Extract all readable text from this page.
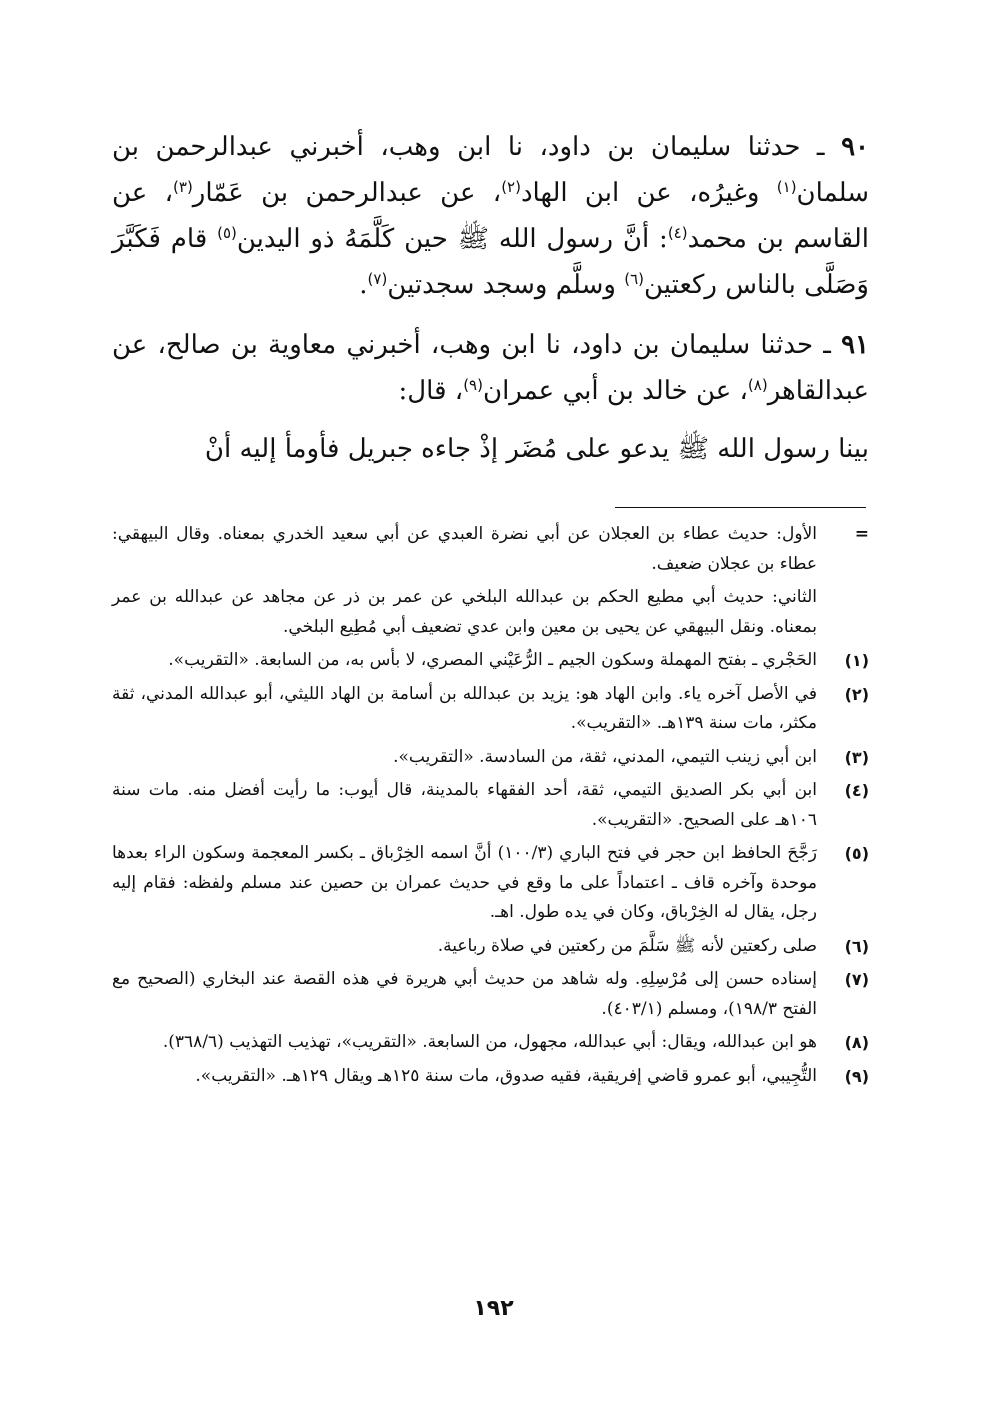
٩٠ ـ حدثنا سليمان بن داود، نا ابن وهب، أخبرني عبدالرحمن بن سلمان$^{(١)}$ وغيرُه، عن ابن الهاد$^{(٢)}$، عن عبدالرحمن بن عَمّار$^{(٣)}$، عن القاسم بن محمد$^{(٤)}$: أنَّ رسول الله ﷺ حين كَلَّمَهُ ذو اليدين$^{(٥)}$ قام فَكَبَّرَ وَصَلَّى بالناس ركعتين$^{(٦)}$ وسلَّم وسجد سجدتين$^{(٧)}$.
٩١ ـ حدثنا سليمان بن داود، نا ابن وهب، أخبرني معاوية بن صالح، عن عبدالقاهر$^{(٨)}$، عن خالد بن أبي عمران$^{(٩)}$، قال:
بينا رسول الله ﷺ يدعو على مُضَر إذْ جاءه جبريل فأومأ إليه أنْ
=
الأول: حديث عطاء بن العجلان عن أبي نضرة العبدي عن أبي سعيد الخدري بمعناه. وقال البيهقي: عطاء بن عجلان ضعيف.
الثاني: حديث أبي مطيع الحكم بن عبدالله البلخي عن عمر بن ذر عن مجاهد عن عبدالله بن عمر بمعناه. ونقل البيهقي عن يحيى بن معين وابن عدي تضعيف أبي مُطِيع البلخي.
(١)
الحَجْري ـ بفتح المهملة وسكون الجيم ـ الرُّعَيْني المصري، لا بأس به، من السابعة. «التقريب».
(٢)
في الأصل آخره ياء. وابن الهاد هو: يزيد بن عبدالله بن أسامة بن الهاد الليثي، أبو عبدالله المدني، ثقة مكثر، مات سنة ١٣٩هـ. «التقريب».
(٣)
ابن أبي زينب التيمي، المدني، ثقة، من السادسة. «التقريب».
(٤)
ابن أبي بكر الصديق التيمي، ثقة، أحد الفقهاء بالمدينة، قال أيوب: ما رأيت أفضل منه. مات سنة ١٠٦هـ على الصحيح. «التقريب».
(٥)
رَجَّحَ الحافظ ابن حجر في فتح الباري (١٠٠/٣) أنَّ اسمه الخِرْباق ـ بكسر المعجمة وسكون الراء بعدها موحدة وآخره قاف ـ اعتماداً على ما وقع في حديث عمران بن حصين عند مسلم ولفظه: فقام إليه رجل، يقال له الخِرْباق، وكان في يده طول. اهـ.
(٦)
صلى ركعتين لأنه ﷺ سَلَّمَ من ركعتين في صلاة رباعية.
(٧)
إسناده حسن إلى مُرْسِلِهِ. وله شاهد من حديث أبي هريرة في هذه القصة عند البخاري (الصحيح مع الفتح ١٩٨/٣)، ومسلم (٤٠٣/١).
(٨)
هو ابن عبدالله، ويقال: أبي عبدالله، مجهول، من السابعة. «التقريب»، تهذيب التهذيب (٣٦٨/٦).
(٩)
التُّجِيبي، أبو عمرو قاضي إفريقية، فقيه صدوق، مات سنة ١٢٥هـ ويقال ١٢٩هـ. «التقريب».
١٩٢
